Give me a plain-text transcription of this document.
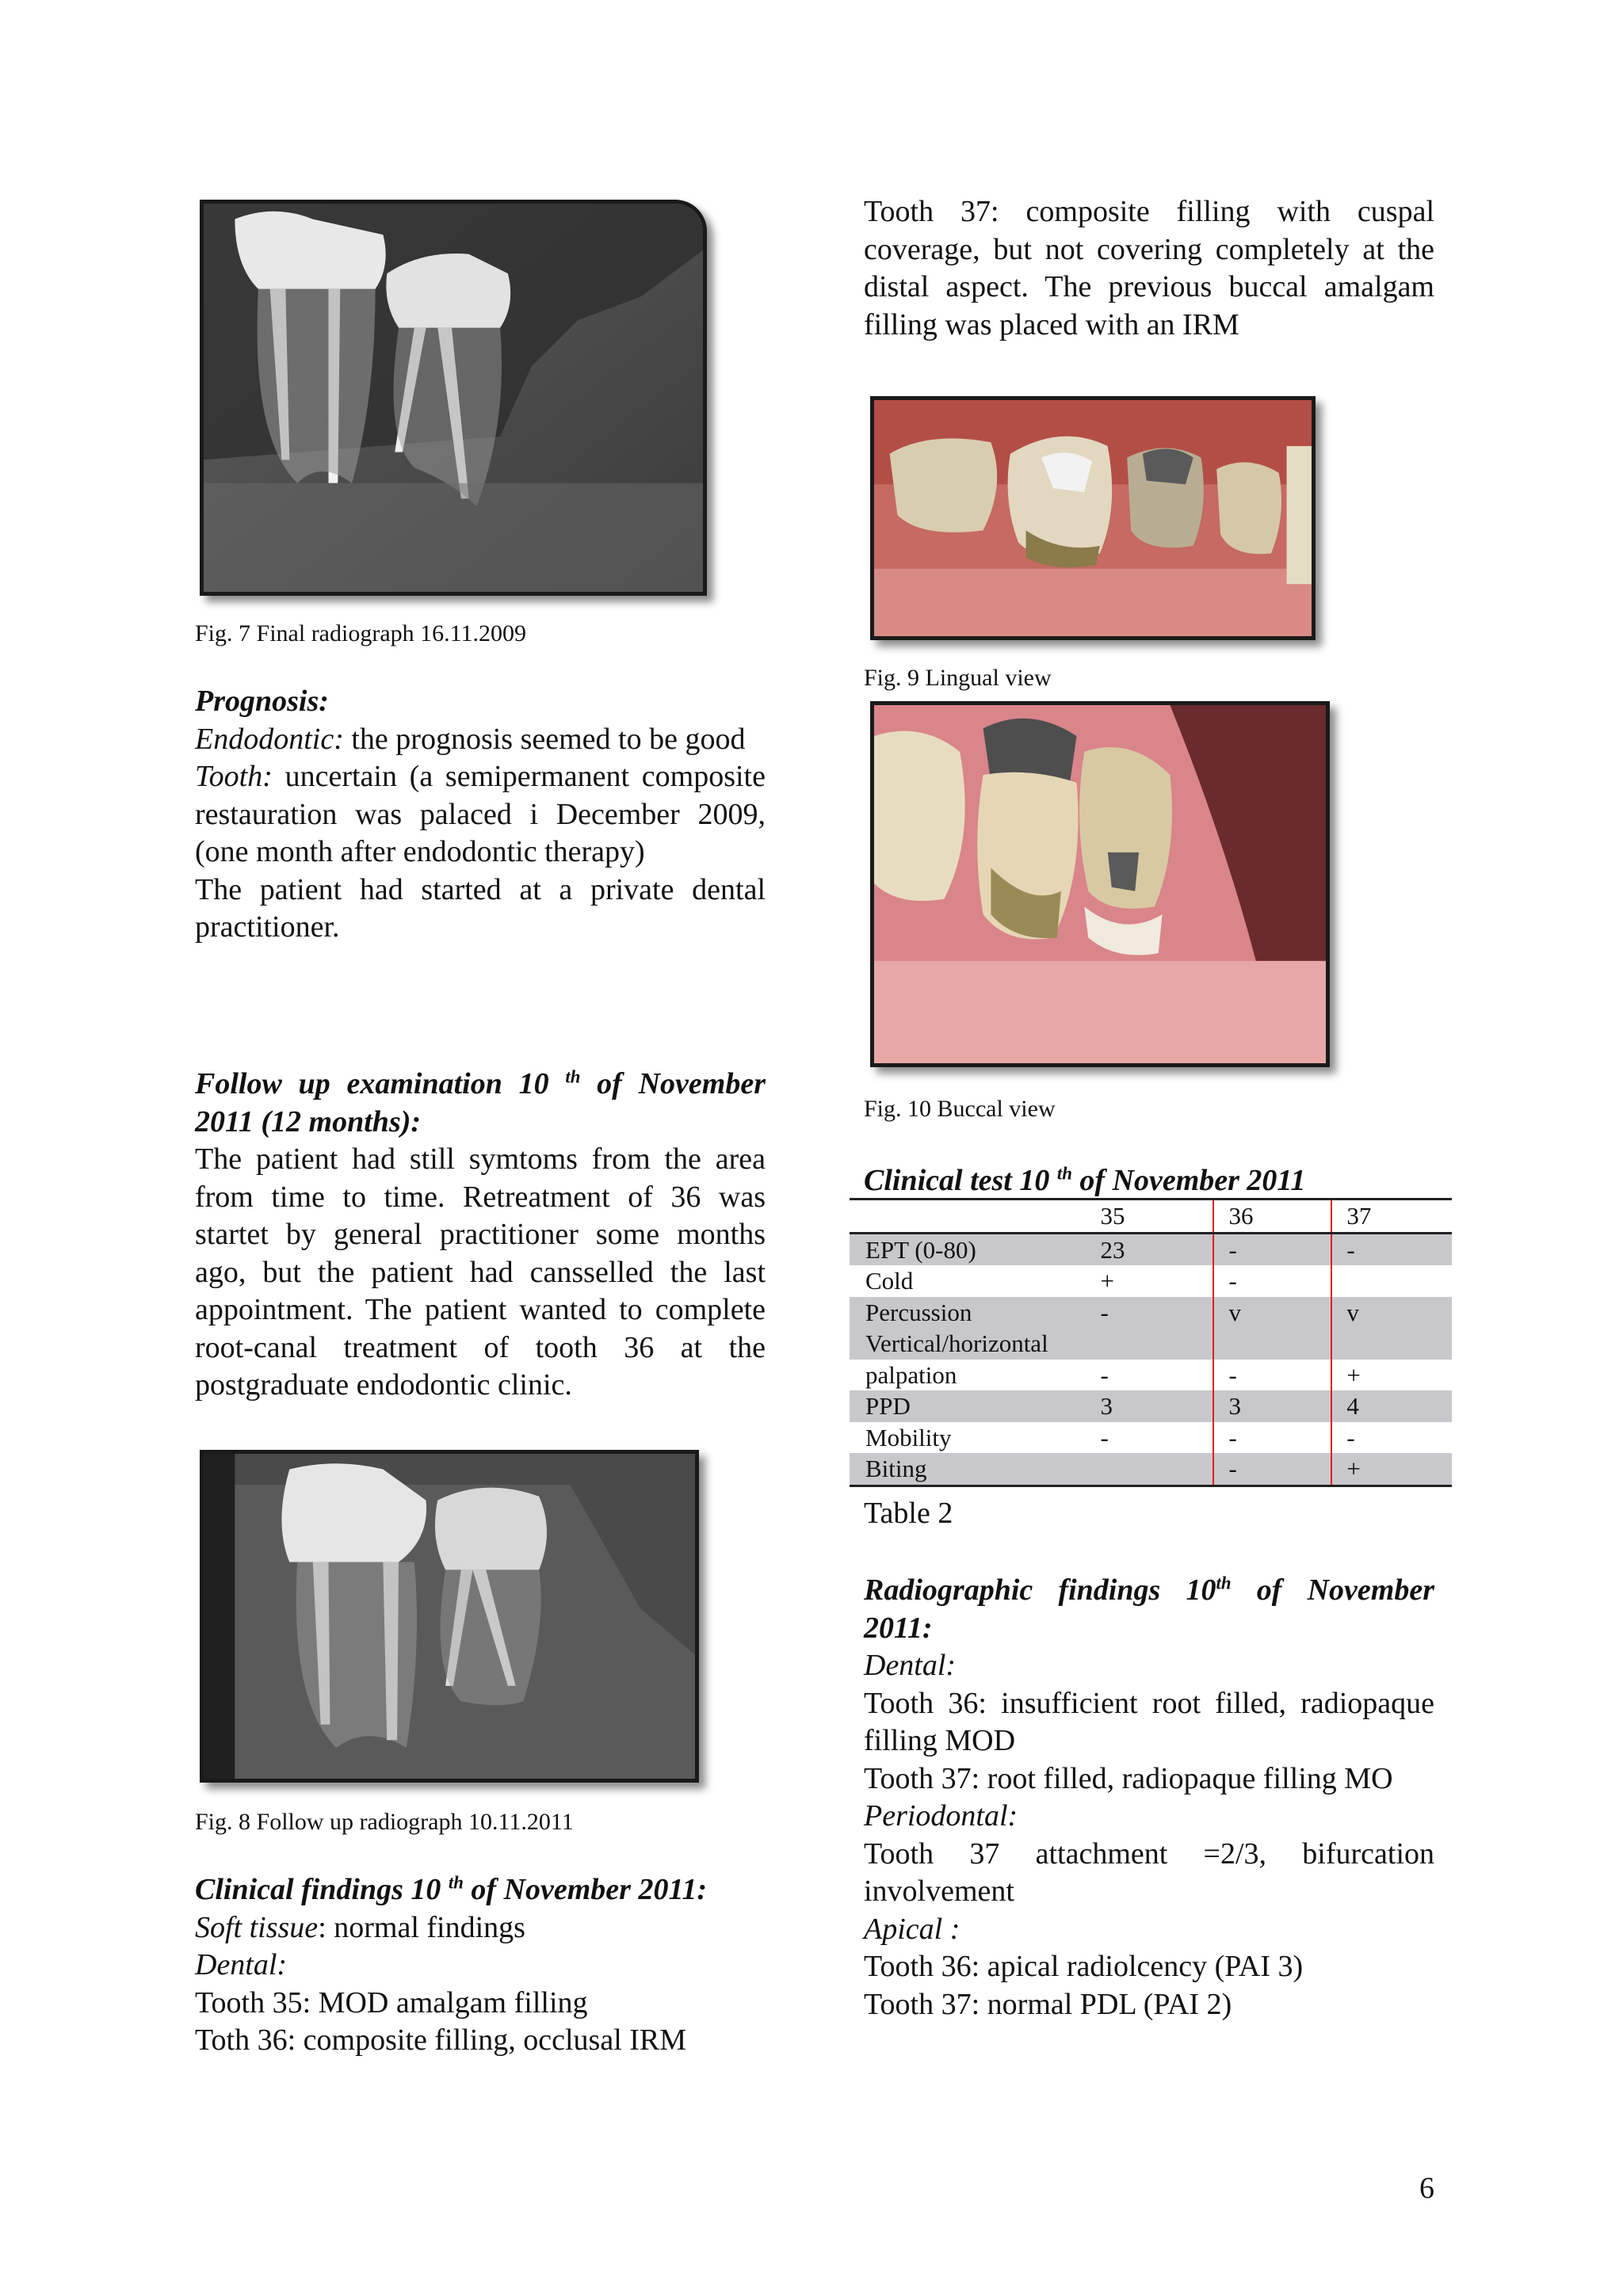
Fig. 7 Final radiograph 16.11.2009
Prognosis:
Endodontic: the prognosis seemed to be good
Tooth: uncertain (a semipermanent composite restauration was palaced i December 2009, (one month after endodontic therapy)
The patient had started at a private dental practitioner.
Follow up examination 10 $^{th}$ of November
2011 (12 months):
The patient had still symtoms from the area from time to time. Retreatment of 36 was startet by general practitioner some months ago, but the patient had cansselled the last appointment. The patient wanted to complete root-canal treatment of tooth 36 at the postgraduate endodontic clinic.
Fig. 8 Follow up radiograph 10.11.2011
Clinical findings 10 $^{th}$ of November 2011:
Soft tissue: normal findings
Dental:
Tooth 35: MOD amalgam filling
Toth 36: composite filling, occlusal IRM
Tooth 37: composite filling with cuspal coverage, but not covering completely at the distal aspect. The previous buccal amalgam filling was placed with an IRM
Fig. 9 Lingual view
Fig. 10 Buccal view
Clinical test 10 $^{th}$ of November 2011
	35	36	37
EPT (0-80)	23	-	-
Cold	+	-	
Percussion	-	v	v
Vertical/horizontal			
palpation	-	-	+
PPD	3	3	4
Mobility	-	-	-
Biting		-	+
Table 2
Radiographic findings 10th of November
2011:
Dental:
Tooth 36: insufficient root filled, radiopaque filling MOD
Tooth 37: root filled, radiopaque filling MO
Periodontal:
Tooth 37 attachment =2/3, bifurcation involvement
Apical :
Tooth 36: apical radiolcency (PAI 3)
Tooth 37: normal PDL (PAI 2)
6
